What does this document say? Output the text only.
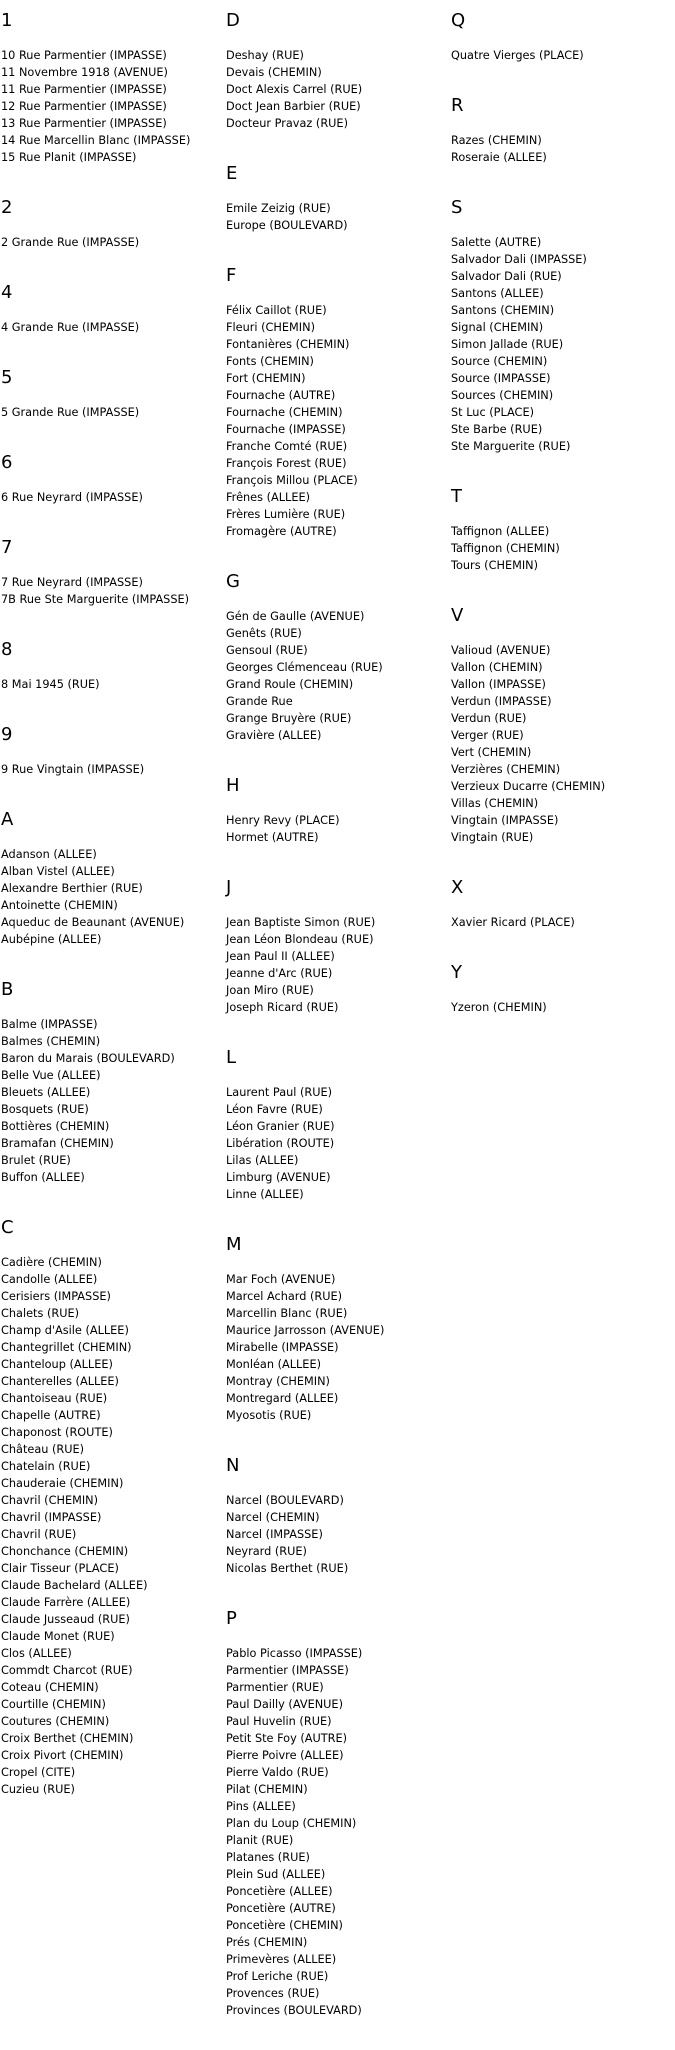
1
10 Rue Parmentier (IMPASSE)
11 Novembre 1918 (AVENUE)
11 Rue Parmentier (IMPASSE)
12 Rue Parmentier (IMPASSE)
13 Rue Parmentier (IMPASSE)
14 Rue Marcellin Blanc (IMPASSE)
15 Rue Planit (IMPASSE)
2
2 Grande Rue (IMPASSE)
4
4 Grande Rue (IMPASSE)
5
5 Grande Rue (IMPASSE)
6
6 Rue Neyrard (IMPASSE)
7
7 Rue Neyrard (IMPASSE)
7B Rue Ste Marguerite (IMPASSE)
8
8 Mai 1945 (RUE)
9
9 Rue Vingtain (IMPASSE)
A
Adanson (ALLEE)
Alban Vistel (ALLEE)
Alexandre Berthier (RUE)
Antoinette (CHEMIN)
Aqueduc de Beaunant (AVENUE)
Aubépine (ALLEE)
B
Balme (IMPASSE)
Balmes (CHEMIN)
Baron du Marais (BOULEVARD)
Belle Vue (ALLEE)
Bleuets (ALLEE)
Bosquets (RUE)
Bottières (CHEMIN)
Bramafan (CHEMIN)
Brulet (RUE)
Buffon (ALLEE)
C
Cadière (CHEMIN)
Candolle (ALLEE)
Cerisiers (IMPASSE)
Chalets (RUE)
Champ d'Asile (ALLEE)
Chantegrillet (CHEMIN)
Chanteloup (ALLEE)
Chanterelles (ALLEE)
Chantoiseau (RUE)
Chapelle (AUTRE)
Chaponost (ROUTE)
Château (RUE)
Chatelain (RUE)
Chauderaie (CHEMIN)
Chavril (CHEMIN)
Chavril (IMPASSE)
Chavril (RUE)
Chonchance (CHEMIN)
Clair Tisseur (PLACE)
Claude Bachelard (ALLEE)
Claude Farrère (ALLEE)
Claude Jusseaud (RUE)
Claude Monet (RUE)
Clos (ALLEE)
Commdt Charcot (RUE)
Coteau (CHEMIN)
Courtille (CHEMIN)
Coutures (CHEMIN)
Croix Berthet (CHEMIN)
Croix Pivort (CHEMIN)
Cropel (CITE)
Cuzieu (RUE)
D
Deshay (RUE)
Devais (CHEMIN)
Doct Alexis Carrel (RUE)
Doct Jean Barbier (RUE)
Docteur Pravaz (RUE)
E
Emile Zeizig (RUE)
Europe (BOULEVARD)
F
Félix Caillot (RUE)
Fleuri (CHEMIN)
Fontanières (CHEMIN)
Fonts (CHEMIN)
Fort (CHEMIN)
Fournache (AUTRE)
Fournache (CHEMIN)
Fournache (IMPASSE)
Franche Comté (RUE)
François Forest (RUE)
François Millou (PLACE)
Frênes (ALLEE)
Frères Lumière (RUE)
Fromagère (AUTRE)
G
Gén de Gaulle (AVENUE)
Genêts (RUE)
Gensoul (RUE)
Georges Clémenceau (RUE)
Grand Roule (CHEMIN)
Grande Rue
Grange Bruyère (RUE)
Gravière (ALLEE)
H
Henry Revy (PLACE)
Hormet (AUTRE)
J
Jean Baptiste Simon (RUE)
Jean Léon Blondeau (RUE)
Jean Paul II (ALLEE)
Jeanne d'Arc (RUE)
Joan Miro (RUE)
Joseph Ricard (RUE)
L
Laurent Paul (RUE)
Léon Favre (RUE)
Léon Granier (RUE)
Libération (ROUTE)
Lilas (ALLEE)
Limburg (AVENUE)
Linne (ALLEE)
M
Mar Foch (AVENUE)
Marcel Achard (RUE)
Marcellin Blanc (RUE)
Maurice Jarrosson (AVENUE)
Mirabelle (IMPASSE)
Monléan (ALLEE)
Montray (CHEMIN)
Montregard (ALLEE)
Myosotis (RUE)
N
Narcel (BOULEVARD)
Narcel (CHEMIN)
Narcel (IMPASSE)
Neyrard (RUE)
Nicolas Berthet (RUE)
P
Pablo Picasso (IMPASSE)
Parmentier (IMPASSE)
Parmentier (RUE)
Paul Dailly (AVENUE)
Paul Huvelin (RUE)
Petit Ste Foy (AUTRE)
Pierre Poivre (ALLEE)
Pierre Valdo (RUE)
Pilat (CHEMIN)
Pins (ALLEE)
Plan du Loup (CHEMIN)
Planit (RUE)
Platanes (RUE)
Plein Sud (ALLEE)
Poncetière (ALLEE)
Poncetière (AUTRE)
Poncetière (CHEMIN)
Prés (CHEMIN)
Primevères (ALLEE)
Prof Leriche (RUE)
Provences (RUE)
Provinces (BOULEVARD)
Q
Quatre Vierges (PLACE)
R
Razes (CHEMIN)
Roseraie (ALLEE)
S
Salette (AUTRE)
Salvador Dali (IMPASSE)
Salvador Dali (RUE)
Santons (ALLEE)
Santons (CHEMIN)
Signal (CHEMIN)
Simon Jallade (RUE)
Source (CHEMIN)
Source (IMPASSE)
Sources (CHEMIN)
St Luc (PLACE)
Ste Barbe (RUE)
Ste Marguerite (RUE)
T
Taffignon (ALLEE)
Taffignon (CHEMIN)
Tours (CHEMIN)
V
Valioud (AVENUE)
Vallon (CHEMIN)
Vallon (IMPASSE)
Verdun (IMPASSE)
Verdun (RUE)
Verger (RUE)
Vert (CHEMIN)
Verzières (CHEMIN)
Verzieux Ducarre (CHEMIN)
Villas (CHEMIN)
Vingtain (IMPASSE)
Vingtain (RUE)
X
Xavier Ricard (PLACE)
Y
Yzeron (CHEMIN)
